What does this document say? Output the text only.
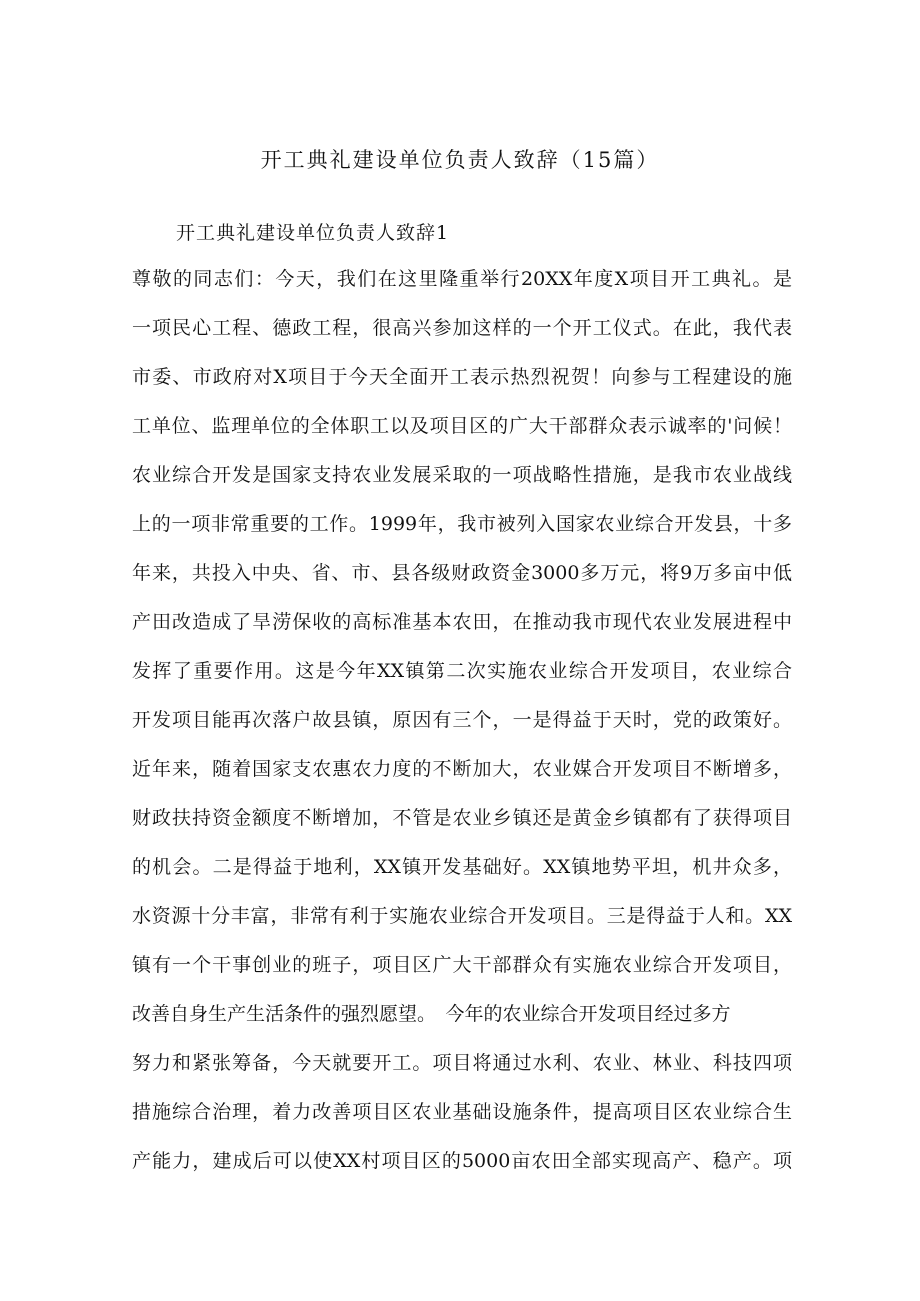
开工典礼建设单位负责人致辞（15篇）
开工典礼建设单位负责人致辞1
尊敬的同志们：今天，我们在这里隆重举行20XX年度X项目开工典礼。是
一项民心工程、德政工程，很高兴参加这样的一个开工仪式。在此，我代表
市委、市政府对X项目于今天全面开工表示热烈祝贺！向参与工程建设的施
工单位、监理单位的全体职工以及项目区的广大干部群众表示诚率的'问候！
农业综合开发是国家支持农业发展采取的一项战略性措施，是我市农业战线
上的一项非常重要的工作。1999年，我市被列入国家农业综合开发县，十多
年来，共投入中央、省、市、县各级财政资金3000多万元，将9万多亩中低
产田改造成了旱涝保收的高标准基本农田，在推动我市现代农业发展进程中
发挥了重要作用。这是今年XX镇第二次实施农业综合开发项目，农业综合
开发项目能再次落户故县镇，原因有三个，一是得益于天时，党的政策好。
近年来，随着国家支农惠农力度的不断加大，农业媒合开发项目不断增多，
财政扶持资金额度不断增加，不管是农业乡镇还是黄金乡镇都有了获得项目
的机会。二是得益于地利，XX镇开发基础好。XX镇地势平坦，机井众多，
水资源十分丰富，非常有利于实施农业综合开发项目。三是得益于人和。XX
镇有一个干事创业的班子，项目区广大干部群众有实施农业综合开发项目，
改善自身生产生活条件的强烈愿望。　今年的农业综合开发项目经过多方
努力和紧张筹备，今天就要开工。项目将通过水利、农业、林业、科技四项
措施综合治理，着力改善项目区农业基础设施条件，提高项目区农业综合生
产能力，建成后可以使XX村项目区的5000亩农田全部实现高产、稳产。项
